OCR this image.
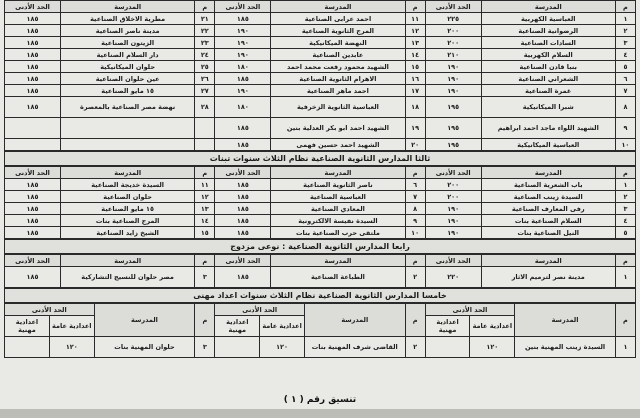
م	المدرسة	الحد الأدنى	م	المدرسة	الحد الأدنى	م	المدرسة	الحد الأدنى
١	العباسية الكهربية	٢٢٥	١١	احمد عرابى الصناعية	١٨٥	٢١	مطرية الاخلاق الصناعية	١٨٥
٢	الرضوانية الصناعية	٢٠٠	١٢	المرج الثانوية الصناعية	١٩٠	٢٢	مدينة ناصر الصناعية	١٨٥
٣	السادات الصناعية	٢٠٠	١٣	النهضة الميكانيكية	١٩٠	٢٣	الزيتون الصناعية	١٨٥
٤	السلام الكهربية	٢١٠	١٤	عابدين الصناعية	١٩٠	٢٤	دار السلام الصناعية	١٨٥
٥	بنبا قادن الصناعية	١٩٠	١٥	الشهيد محمود رفعت محمد احمد	١٨٠	٢٥	حلوان الميكانيكية	١٨٥
٦	الشعراني الصناعية	١٩٠	١٦	الاهرام الثانوية الصناعية	١٨٥	٢٦	عين حلوان الصناعية	١٨٥
٧	غمرة الصناعية	١٩٠	١٧	احمد ماهر الصناعية	١٩٠	٢٧	١٥ مايو الصناعية	١٨٥
٨	شبرا الميكانيكية	١٩٥	١٨	العباسية الثانوية الزخرفية	١٨٠	٢٨	نهضة مصر الصناعية بالمعصرة	١٨٥
٩	الشهيد اللواء ماجد احمد ابراهيم	١٩٥	١٩	الشهيد احمد ابو بكر العدلية بنين	١٨٥			
١٠	العباسية الميكانيكية	١٩٥	٢٠	الشهيد احمد حسين فهمى	١٨٥			
ثالثا المدارس الثانوية الصناعية نظام الثلاث سنوات تبنات
م	المدرسة	الحد الأدنى	م	المدرسة	الحد الأدنى	م	المدرسة	الحد الأدنى
١	باب الشعرية الصناعية	٢٠٠	٦	ناصر الثانوية الصناعية	١٨٥	١١	السيدة خديجة الصناعية	١٨٥
٢	السيدة زينب الصناعية	٢٠٠	٧	العباسية الصناعية	١٨٥	١٢	حلوان الصناعية	١٨٥
٣	رفى المعارف الصناعية	١٩٠	٨	المعادي الصناعية	١٨٥	١٣	١٥ مايو الصناعية	١٨٥
٤	السلام الصناعية بنات	١٩٠	٩	السيدة نفيسة الالكترونية	١٨٥	١٤	المرج الصناعية بنات	١٨٥
٥	النيل الصناعية بنات	١٩٠	١٠	ملتقى حرب الصناعية بنات	١٨٥	١٥	الشيخ زايد الصناعية	١٨٥
رابعا المدارس الثانوية الصناعية : نوعى مزدوج
م	المدرسة	الحد الأدنى	م	المدرسة	الحد الأدنى	م	المدرسة	الحد الأدنى
١	مدينة نصر لترميم الاثار	٢٢٠	٢	الطباعة الصناعية	١٨٥	٣	مصر حلوان للنسيج التشاركية	١٨٥
خامسا المدارس الثانوية الصناعية نظام الثلاث سنوات اعداد مهنى
م	المدرسة	الحد الأدنى		م	المدرسة	الحد الأدنى		م	المدرسة	الحد الأدنى	
		اعدادية عامة	اعدادية مهنية			اعدادية عامة	اعدادية مهنية			اعدادية عامة	اعدادية مهنية
١	السيدة زينب المهنية بنين	١٢٠		٢	القاضى شرف المهنية بنات	١٢٠		٣	حلوان المهنية بنات	١٢٠	
تنسيق رقم ( ١ )
